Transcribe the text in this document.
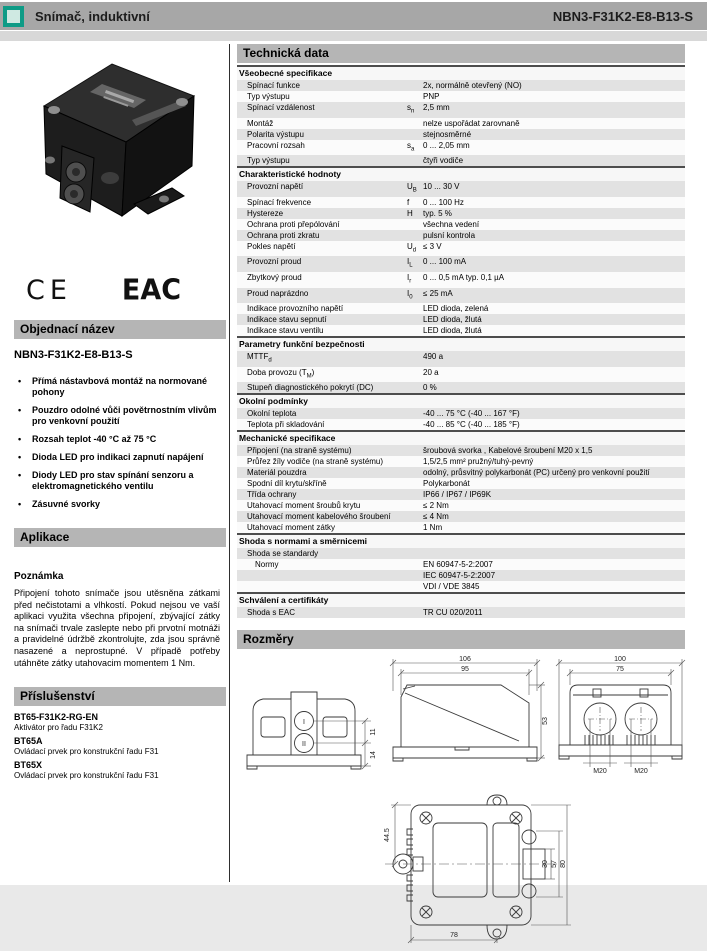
Snímač, induktivní	NBN3-F31K2-E8-B13-S
CE EAC
Objednací název
NBN3-F31K2-E8-B13-S
• Přímá nástavbová montáž na normované pohony
• Pouzdro odolné vůči povětrnostním vlivům pro venkovní použití
• Rozsah teplot -40 °C až 75 °C
• Dioda LED pro indikaci zapnutí napájení
• Diody LED pro stav spínání senzoru a elektromagnetického ventilu
• Zásuvné svorky
Aplikace
Poznámka
Připojení tohoto snímače jsou utěsněna zátkami před nečistotami a vlhkostí. Pokud nejsou ve vaší aplikaci využita všechna připojení, zbývající zátky na snímači trvale zaslepte nebo při prvotní motnáži a pravidelné údržbě zkontrolujte, zda jsou správně nasazené a neprostupné. V případě potřeby utáhněte zátky utahovacim momentem 1 Nm.
Příslušenství
BT65-F31K2-RG-EN
Aktivátor pro řadu F31K2
BT65A
Ovládací prvek pro konstrukční řadu F31
BT65X
Ovládací prvek pro konstrukční řadu F31
Technická data
Všeobecné specifikace
Spínací funkce	2x, normálně otevřený (NO)
Typ výstupu	PNP
Spínací vzdálenost	$s_n$	2,5 mm
Montáž	nelze uspořádat zarovnaně
Polarita výstupu	stejnosměrné
Pracovní rozsah	$s_a$	0 ... 2,05 mm
Typ výstupu	čtyři vodiče
Charakteristické hodnoty
Provozní napětí	$U_B$ 10 ... 30 V
Spínací frekvence	f	0 ... 100 Hz
Hystereze	H	typ. 5 %
Ochrana proti přepólování	všechna vedení
Ochrana proti zkratu	pulsní kontrola
Pokles napětí	$U_d \le 3$ V
Provozní proud	$I_L$	0 ... 100 mA
Zbytkový proud	$I_r$	0 ... 0,5 mA typ. 0,1 µA
Proud naprázdno	$I_0$	≤ 25 mA
Indikace provozního napětí	LED dioda, zelená
Indikace stavu sepnutí	LED dioda, žlutá
Indikace stavu ventilu	LED dioda, žlutá
Parametry funkční bezpečnosti
$MTTF_d$	490 a
Doba provozu $(T_M)$	20 a
Stupeň diagnostického pokrytí (DC)	0 %
Okolní podmínky
Okolní teplota	-40 ... 75 °C (-40 ... 167 °F)
Teplota při skladování	-40 ... 85 °C (-40 ... 185 °F)
Mechanické specifikace
Připojení (na straně systému)	šroubová svorka , Kabelové šroubení M20 x 1,5
Průřez žíly vodiče (na straně systému)	1,5/2,5 mm² pružný/tuhý-pevný
Materiál pouzdra	odolný, průsvitný polykarbonát (PC) určený pro venkovní použití
Spodní díl krytu/skříně	Polykarbonát
Třída ochrany	IP66 / IP67 / IP69K
Utahovací moment šroubů krytu	≤ 2 Nm
Utahovací moment kabelového šroubení	≤ 4 Nm
Utahovací moment zátky	1 Nm
Shoda s normami a směrnicemi
Shoda se standardy
Normy	EN 60947-5-2:2007
IEC 60947-5-2:2007
VDI / VDE 3845
Schválení a certifikáty
Shoda s EAC	TR CU 020/2011
Rozměry
I
II
11
14
106
95
53
100
75
M20	M20
44.5
78
30 57 80
